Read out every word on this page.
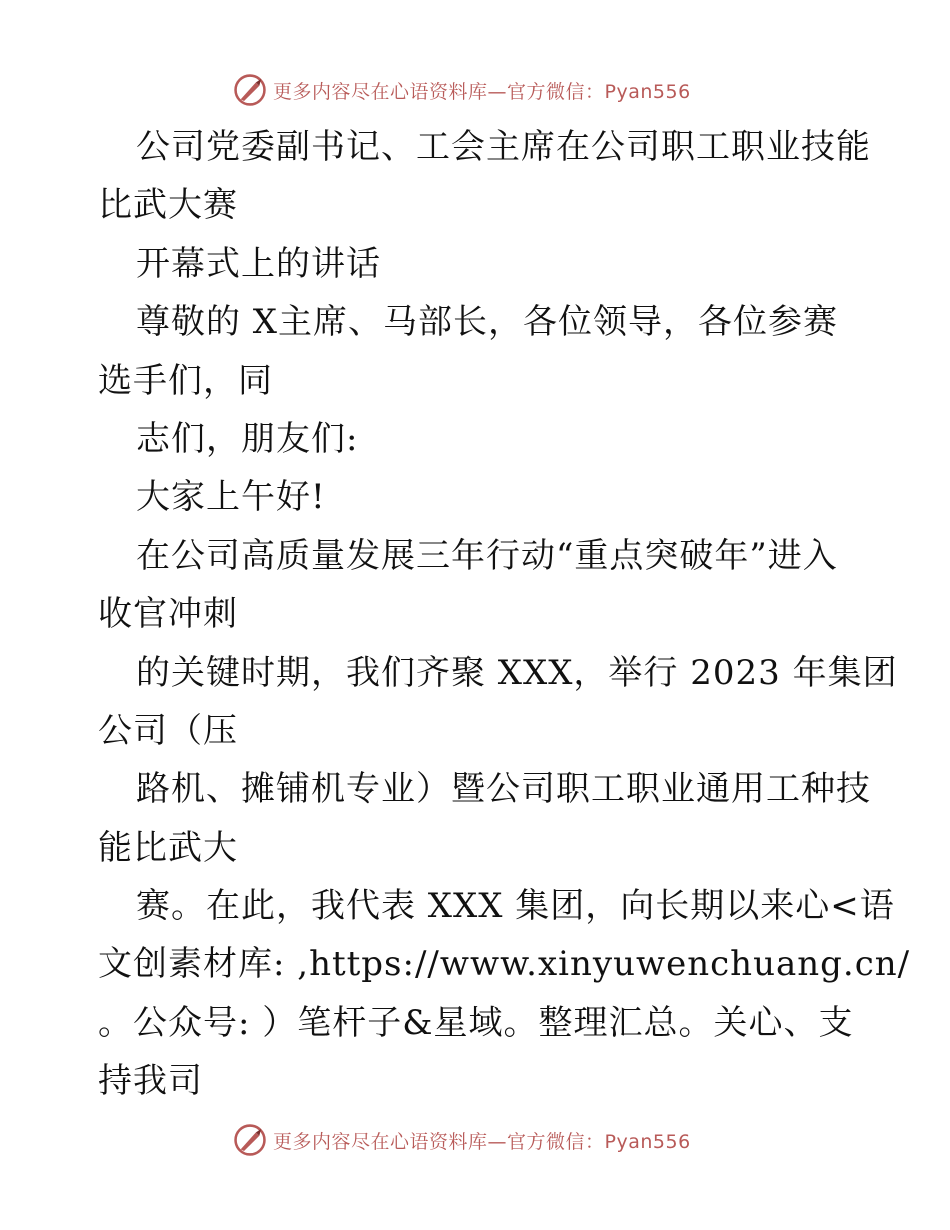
更多内容尽在心语资料库—官方微信：Pyan556
公司党委副书记、工会主席在公司职工职业技能
比武大赛
开幕式上的讲话
尊敬的 X主席、马部长，各位领导，各位参赛
选手们，同
志们，朋友们:
大家上午好!
在公司高质量发展三年行动“重点突破年”进入
收官冲刺
的关键时期，我们齐聚 XXX，举行 2023 年集团
公司（压
路机、摊铺机专业）暨公司职工职业通用工种技
能比武大
赛。在此，我代表 XXX 集团，向长期以来心<语
文创素材库: ,https://www.xinyuwenchuang.cn/
。公众号: ）笔杆子&星域。整理汇总。关心、支
持我司
更多内容尽在心语资料库—官方微信：Pyan556
